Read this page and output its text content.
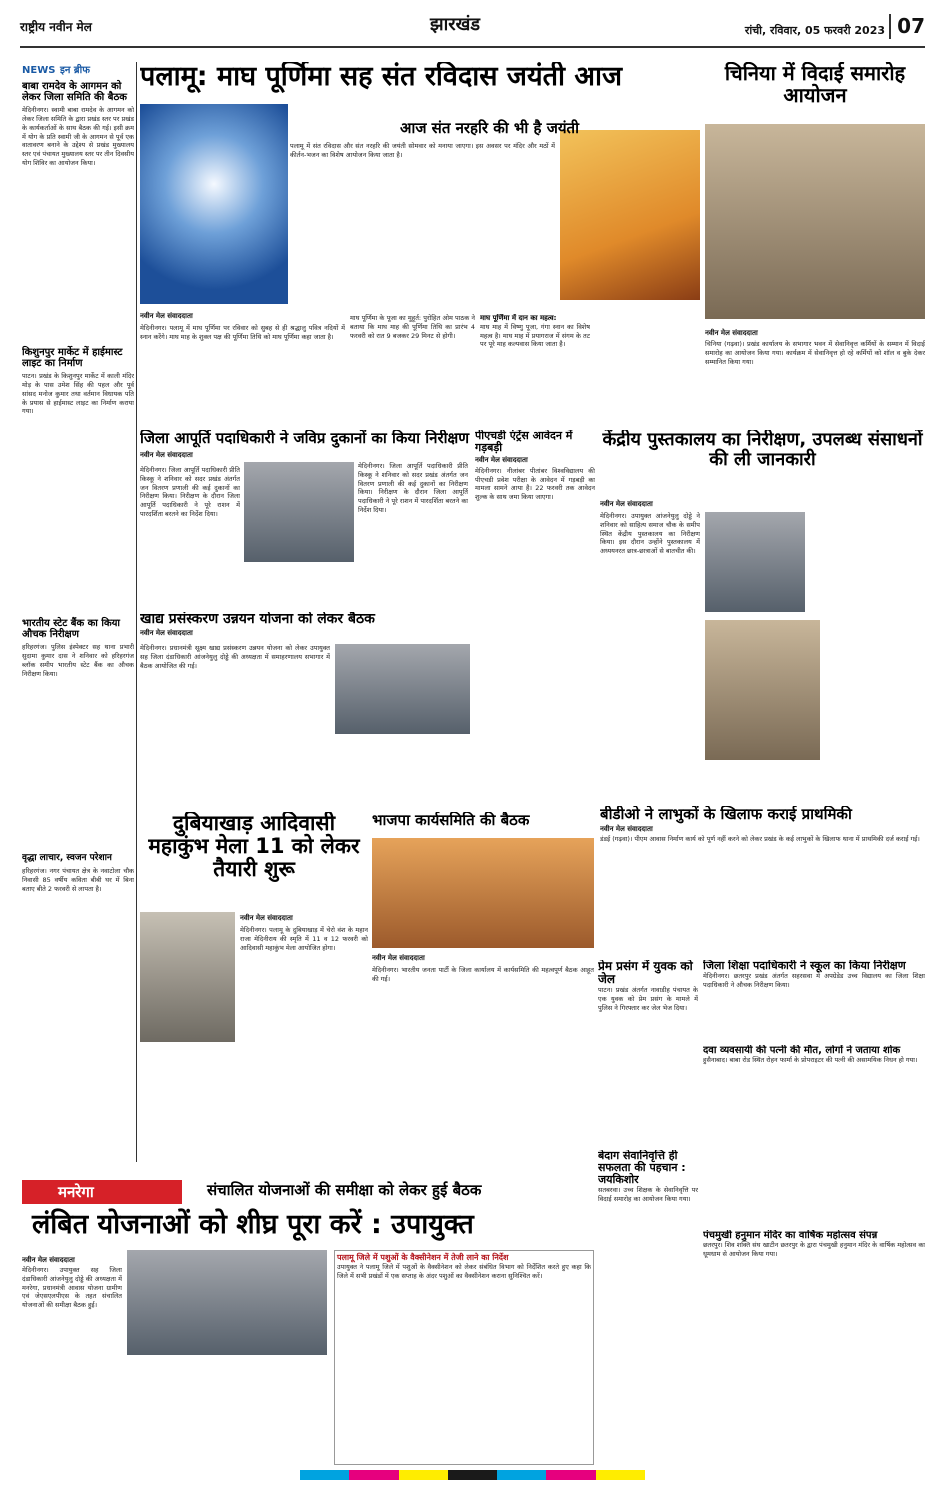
राष्ट्रीय नवीन मेल	झारखंड	रांची, रविवार, 05 फरवरी 2023 07
NEWS इन ब्रीफ
बाबा रामदेव के आगमन को लेकर जिला समिति की बैठक
मेदिनीनगर। स्वामी बाबा रामदेव के आगमन को लेकर जिला समिति के द्वारा प्रखंड स्तर पर प्रखंड के कार्यकर्ताओं के साथ बैठक की गई। इसी क्रम में योग के प्रति स्वामी जी के आगमन से पूर्व एक वातावरण बनाने के उद्देश्य से प्रखंड मुख्यालय स्तर एवं पंचायत मुख्यालय स्तर पर तीन दिवसीय योग शिविर का आयोजन किया।
किशुनपुर मार्केट में हाईमास्ट लाइट का निर्माण
पाटन। प्रखंड के किशुनपुर मार्केट में काली मंदिर मोड़ के पास उमेश सिंह की पहल और पूर्व सांसद मनोज कुमार तथा वर्तमान विधायक पति के प्रयास से हाईमास्ट लाइट का निर्माण कराया गया।
भारतीय स्टेट बैंक का किया औचक निरीक्षण
हरिहरगंज। पुलिस इंस्पेक्टर सह थाना प्रभारी सुदामा कुमार दास ने शनिवार को हरिहरगंज ब्लॉक समीप भारतीय स्टेट बैंक का औचक निरीक्षण किया।
वृद्धा लाचार, स्वजन परेशान
हरिहरगंज। नगर पंचायत क्षेत्र के नवाटोला चौक निवासी 85 वर्षीय कविता बीबी घर में बिना बताए बीते 2 फरवरी से लापता है।
पलामू: माघ पूर्णिमा सह संत रविदास जयंती आज
आज संत नरहरि की भी है जयंती
पलामू में संत रविदास और संत नरहरि की जयंती सोमवार को मनाया जाएगा। इस अवसर पर मंदिर और मठों में कीर्तन-भजन का विशेष आयोजन किया जाता है।
नवीन मेल संवाददाता
मेदिनीनगर। पलामू में माघ पूर्णिमा पर रविवार को सुबह से ही श्रद्धालु पवित्र नदियों में स्नान करेंगे। माघ माह के शुक्ल पक्ष की पूर्णिमा तिथि को माघ पूर्णिमा कहा जाता है।
माघ पूर्णिमा के पूजा का मुहूर्त: पुरोहित ओम पाठक ने बताया कि माघ माह की पूर्णिमा तिथि का प्रारंभ 4 फरवरी को रात 9 बजकर 29 मिनट से होगी।
माघ पूर्णिमा में दान का महत्व:
माघ माह में विष्णु पूजा, गंगा स्नान का विशेष महत्व है। माघ माह में प्रयागराज में संगम के तट पर पूरे माह कल्पवास किया जाता है।
चिनिया में विदाई समारोह आयोजन
नवीन मेल संवाददाता
चिनिया (गढ़वा)। प्रखंड कार्यालय के सभागार भवन में सेवानिवृत्त कर्मियों के सम्मान में विदाई समारोह का आयोजन किया गया। कार्यक्रम में सेवानिवृत्त हो रहे कर्मियों को शॉल व बुके देकर सम्मानित किया गया।
जिला आपूर्ति पदाधिकारी ने जविप्र दुकानों का किया निरीक्षण
नवीन मेल संवाददाता
मेदिनीनगर। जिला आपूर्ति पदाधिकारी प्रीति किस्कू ने शनिवार को सदर प्रखंड अंतर्गत जन वितरण प्रणाली की कई दुकानों का निरीक्षण किया। निरीक्षण के दौरान जिला आपूर्ति पदाधिकारी ने पूरे राशन में पारदर्शिता बरतने का निर्देश दिया।
मेदिनीनगर। जिला आपूर्ति पदाधिकारी प्रीति किस्कू ने शनिवार को सदर प्रखंड अंतर्गत जन वितरण प्रणाली की कई दुकानों का निरीक्षण किया। निरीक्षण के दौरान जिला आपूर्ति पदाधिकारी ने पूरे राशन में पारदर्शिता बरतने का निर्देश दिया।
पीएचडी एंट्रेंस आवेदन में गड़बड़ी
नवीन मेल संवाददाता
मेदिनीनगर। नीलांबर पीतांबर विश्वविद्यालय की पीएचडी प्रवेश परीक्षा के आवेदन में गड़बड़ी का मामला सामने आया है। 22 फरवरी तक आवेदन शुल्क के साथ जमा किया जाएगा।
खाद्य प्रसंस्करण उन्नयन योजना को लेकर बैठक
नवीन मेल संवाददाता
मेदिनीनगर। प्रधानमंत्री सूक्ष्म खाद्य प्रसंस्करण उन्नयन योजना को लेकर उपायुक्त सह जिला दंडाधिकारी आंजनेयुलु दोड्डे की अध्यक्षता में समाहरणालय सभागार में बैठक आयोजित की गई।
केंद्रीय पुस्तकालय का निरीक्षण, उपलब्ध संसाधनों की ली जानकारी
नवीन मेल संवाददाता
मेदिनीनगर। उपायुक्त आंजनेयुलु दोड्डे ने शनिवार को साहित्य समाज चौक के समीप स्थित केंद्रीय पुस्तकालय का निरीक्षण किया। इस दौरान उन्होंने पुस्तकालय में अध्ययनरत छात्र-छात्राओं से बातचीत की।
बीडीओ ने लाभुकों के खिलाफ कराई प्राथमिकी
नवीन मेल संवाददाता
डंडई (गढ़वा)। पीएम आवास निर्माण कार्य को पूर्ण नहीं करने को लेकर प्रखंड के कई लाभुकों के खिलाफ थाना में प्राथमिकी दर्ज कराई गई।
दुबियाखाड़ आदिवासी महाकुंभ मेला 11 को लेकर तैयारी शुरू
नवीन मेल संवाददाता
मेदिनीनगर। पलामू के दुबियाखाड़ में चेरो वंश के महान राजा मेदिनीराय की स्मृति में 11 व 12 फरवरी को आदिवासी महाकुंभ मेला आयोजित होगा।
भाजपा कार्यसमिति की बैठक
नवीन मेल संवाददाता
मेदिनीनगर। भारतीय जनता पार्टी के जिला कार्यालय में कार्यसमिति की महत्वपूर्ण बैठक आहूत की गई।
प्रेम प्रसंग में युवक को जेल
पाटन। प्रखंड अंतर्गत नावाडीह पंचायत के एक युवक को प्रेम प्रसंग के मामले में पुलिस ने गिरफ्तार कर जेल भेज दिया।
बेदाग सेवानिवृत्ति ही सफलता की पहचान : जयकिशोर
सतबरवा। उच्च शिक्षक के सेवानिवृत्ति पर विदाई समारोह का आयोजन किया गया।
जिला शिक्षा पदाधिकारी ने स्कूल का किया निरीक्षण
मेदिनीनगर। छतरपुर प्रखंड अंतर्गत सहरसवा में अपग्रेडेड उच्च विद्यालय का जिला शिक्षा पदाधिकारी ने औचक निरीक्षण किया।
दवा व्यवसायी की पत्नी की मौत, लोगों ने जताया शोक
हुसैनाबाद। बाबा रोड स्थित रोहन फार्मा के प्रोपराइटर की पत्नी की असामयिक निधन हो गया।
पंचमुखी हनुमान मंदिर का वार्षिक महोत्सव संपन्न
छतरपुर। शिव शक्ति संघ खाटीन छतरपुर के द्वारा पंचमुखी हनुमान मंदिर के वार्षिक महोत्सव का धूमधाम से आयोजन किया गया।
मनरेगा	संचालित योजनाओं की समीक्षा को लेकर हुई बैठक
लंबित योजनाओं को शीघ्र पूरा करें : उपायुक्त
नवीन मेल संवाददाता
मेदिनीनगर। उपायुक्त सह जिला दंडाधिकारी आंजनेयुलु दोड्डे की अध्यक्षता में मनरेगा, प्रधानमंत्री आवास योजना ग्रामीण एवं जेएसएलपीएस के तहत संचालित योजनाओं की समीक्षा बैठक हुई।
पलामू जिले में पशुओं के वैक्सीनेशन में तेजी लाने का निर्देश
उपायुक्त ने पलामू जिले में पशुओं के वैक्सीनेशन को लेकर संबंधित विभाग को निर्देशित करते हुए कहा कि जिले में सभी प्रखंडों में एक सप्ताह के अंदर पशुओं का वैक्सीनेशन कराना सुनिश्चित करें।
